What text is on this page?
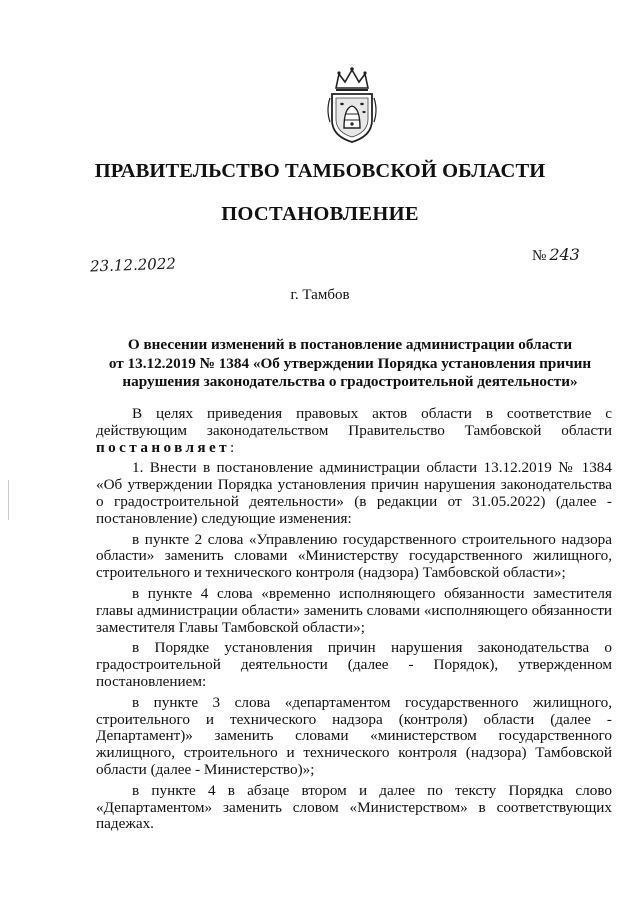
ПРАВИТЕЛЬСТВО ТАМБОВСКОЙ ОБЛАСТИ
ПОСТАНОВЛЕНИЕ
23.12.2022	№ 243
г. Тамбов
О внесении изменений в постановление администрации области
от 13.12.2019 № 1384 «Об утверждении Порядка установления причин
нарушения законодательства о градостроительной деятельности»

В целях приведения правовых актов области в соответствие с действующим законодательством Правительство Тамбовской области постановляет:

1. Внести в постановление администрации области 13.12.2019 № 1384 «Об утверждении Порядка установления причин нарушения законодательства о градостроительной деятельности» (в редакции от 31.05.2022) (далее - постановление) следующие изменения:

в пункте 2 слова «Управлению государственного строительного надзора области» заменить словами «Министерству государственного жилищного, строительного и технического контроля (надзора) Тамбовской области»;

в пункте 4 слова «временно исполняющего обязанности заместителя главы администрации области» заменить словами «исполняющего обязанности заместителя Главы Тамбовской области»;

в Порядке установления причин нарушения законодательства о градостроительной деятельности (далее - Порядок), утвержденном постановлением:

в пункте 3 слова «департаментом государственного жилищного, строительного и технического надзора (контроля) области (далее - Департамент)» заменить словами «министерством государственного жилищного, строительного и технического контроля (надзора) Тамбовской области (далее - Министерство)»;

в пункте 4 в абзаце втором и далее по тексту Порядка слово «Департаментом» заменить словом «Министерством» в соответствующих падежах.
